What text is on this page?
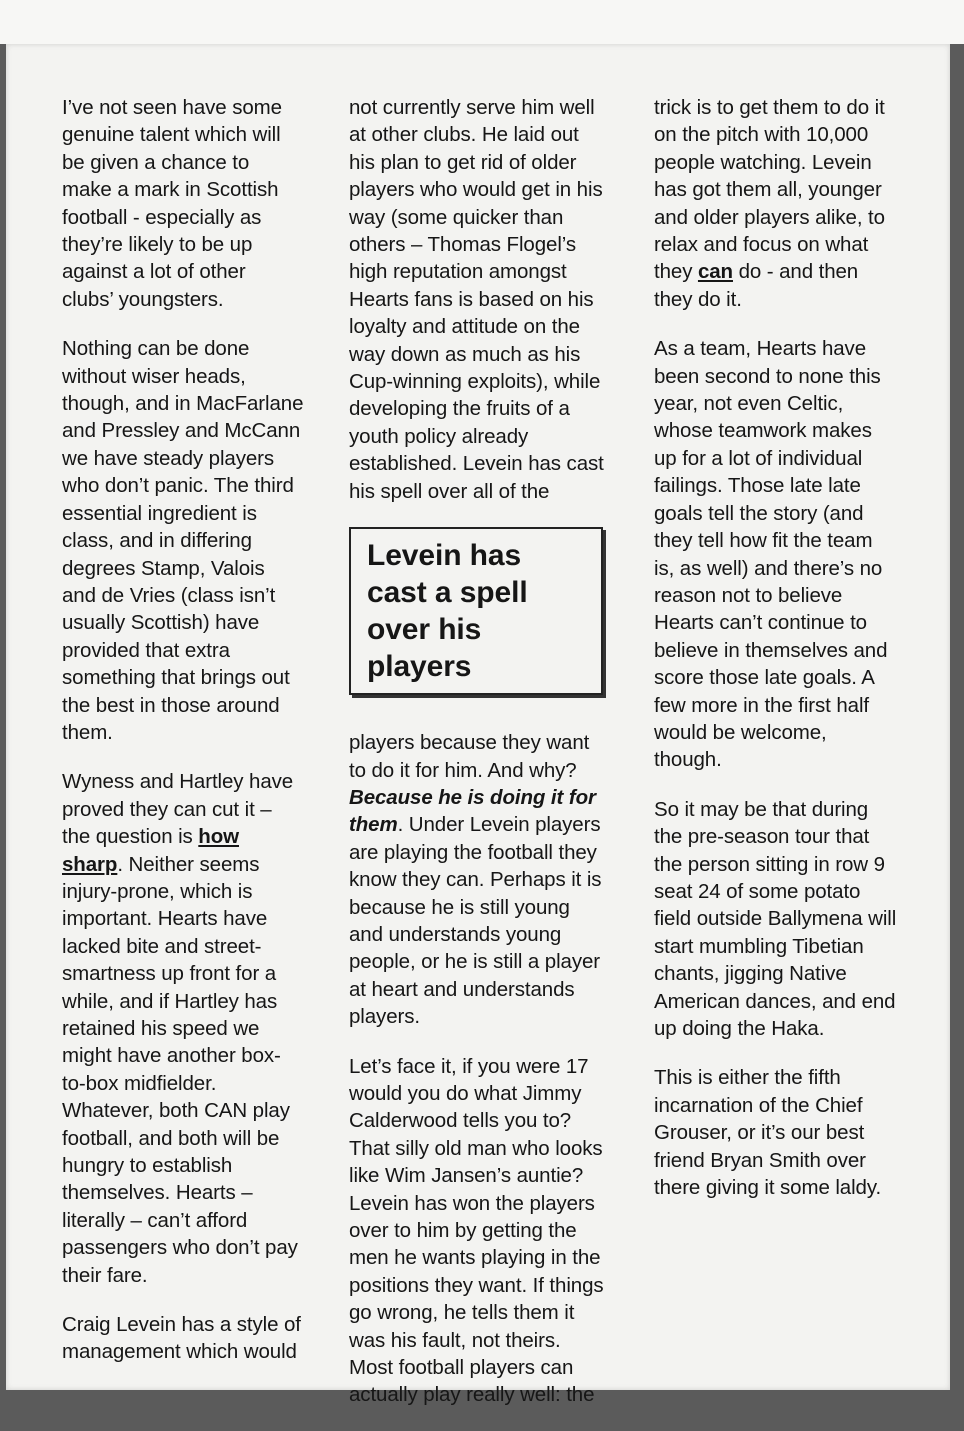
I’ve not seen have some
genuine talent which will
be given a chance to
make a mark in Scottish
football - especially as
they’re likely to be up
against a lot of other
clubs’ youngsters.

Nothing can be done
without wiser heads,
though, and in MacFarlane
and Pressley and McCann
we have steady players
who don’t panic. The third
essential ingredient is
class, and in differing
degrees Stamp, Valois
and de Vries (class isn’t
usually Scottish) have
provided that extra
something that brings out
the best in those around
them.

Wyness and Hartley have
proved they can cut it –
the question is how
sharp. Neither seems
injury-prone, which is
important. Hearts have
lacked bite and street-
smartness up front for a
while, and if Hartley has
retained his speed we
might have another box-
to-box midfielder.
Whatever, both CAN play
football, and both will be
hungry to establish
themselves. Hearts –
literally – can’t afford
passengers who don’t pay
their fare.

Craig Levein has a style of
management which would

not currently serve him well
at other clubs. He laid out
his plan to get rid of older
players who would get in his
way (some quicker than
others – Thomas Flogel’s
high reputation amongst
Hearts fans is based on his
loyalty and attitude on the
way down as much as his
Cup-winning exploits), while
developing the fruits of a
youth policy already
established. Levein has cast
his spell over all of the

Levein has
cast a spell
over his
players

players because they want
to do it for him. And why?
Because he is doing it for
them. Under Levein players
are playing the football they
know they can. Perhaps it is
because he is still young
and understands young
people, or he is still a player
at heart and understands
players.

Let’s face it, if you were 17
would you do what Jimmy
Calderwood tells you to?
That silly old man who looks
like Wim Jansen’s auntie?
Levein has won the players
over to him by getting the
men he wants playing in the
positions they want. If things
go wrong, he tells them it
was his fault, not theirs.
Most football players can
actually play really well: the

trick is to get them to do it
on the pitch with 10,000
people watching. Levein
has got them all, younger
and older players alike, to
relax and focus on what
they can do - and then
they do it.

As a team, Hearts have
been second to none this
year, not even Celtic,
whose teamwork makes
up for a lot of individual
failings. Those late late
goals tell the story (and
they tell how fit the team
is, as well) and there’s no
reason not to believe
Hearts can’t continue to
believe in themselves and
score those late goals. A
few more in the first half
would be welcome,
though.

So it may be that during
the pre-season tour that
the person sitting in row 9
seat 24 of some potato
field outside Ballymena will
start mumbling Tibetian
chants, jigging Native
American dances, and end
up doing the Haka.

This is either the fifth
incarnation of the Chief
Grouser, or it’s our best
friend Bryan Smith over
there giving it some laldy.
